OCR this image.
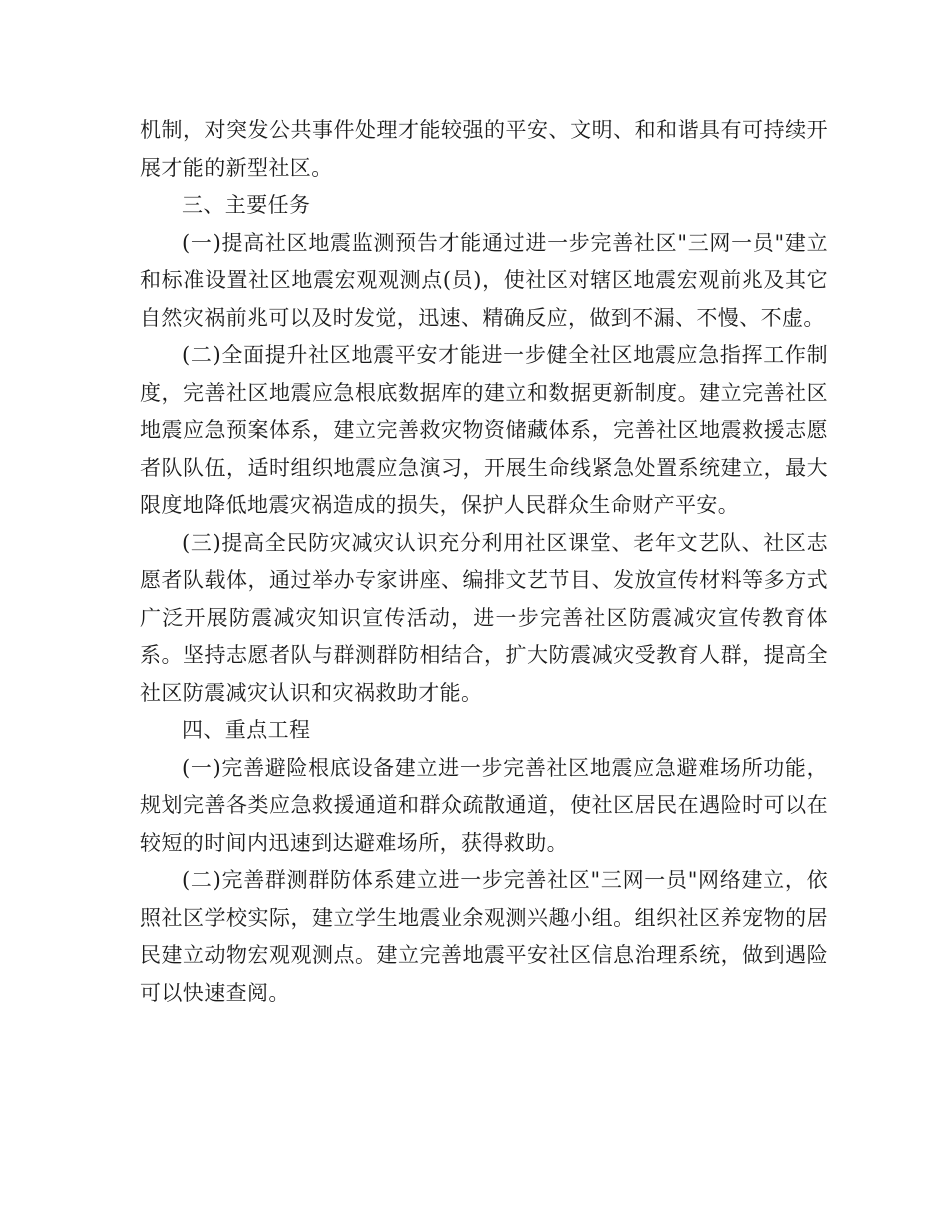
机制，对突发公共事件处理才能较强的平安、文明、和和谐具有可持续开展才能的新型社区。

三、主要任务

(一)提高社区地震监测预告才能通过进一步完善社区"三网一员"建立和标准设置社区地震宏观观测点(员)，使社区对辖区地震宏观前兆及其它自然灾祸前兆可以及时发觉，迅速、精确反应，做到不漏、不慢、不虚。

(二)全面提升社区地震平安才能进一步健全社区地震应急指挥工作制度，完善社区地震应急根底数据库的建立和数据更新制度。建立完善社区地震应急预案体系，建立完善救灾物资储藏体系，完善社区地震救援志愿者队队伍，适时组织地震应急演习，开展生命线紧急处置系统建立，最大限度地降低地震灾祸造成的损失，保护人民群众生命财产平安。

(三)提高全民防灾减灾认识充分利用社区课堂、老年文艺队、社区志愿者队载体，通过举办专家讲座、编排文艺节目、发放宣传材料等多方式广泛开展防震减灾知识宣传活动，进一步完善社区防震减灾宣传教育体系。坚持志愿者队与群测群防相结合，扩大防震减灾受教育人群，提高全社区防震减灾认识和灾祸救助才能。

四、重点工程

(一)完善避险根底设备建立进一步完善社区地震应急避难场所功能，规划完善各类应急救援通道和群众疏散通道，使社区居民在遇险时可以在较短的时间内迅速到达避难场所，获得救助。

(二)完善群测群防体系建立进一步完善社区"三网一员"网络建立，依照社区学校实际，建立学生地震业余观测兴趣小组。组织社区养宠物的居民建立动物宏观观测点。建立完善地震平安社区信息治理系统，做到遇险可以快速查阅。
